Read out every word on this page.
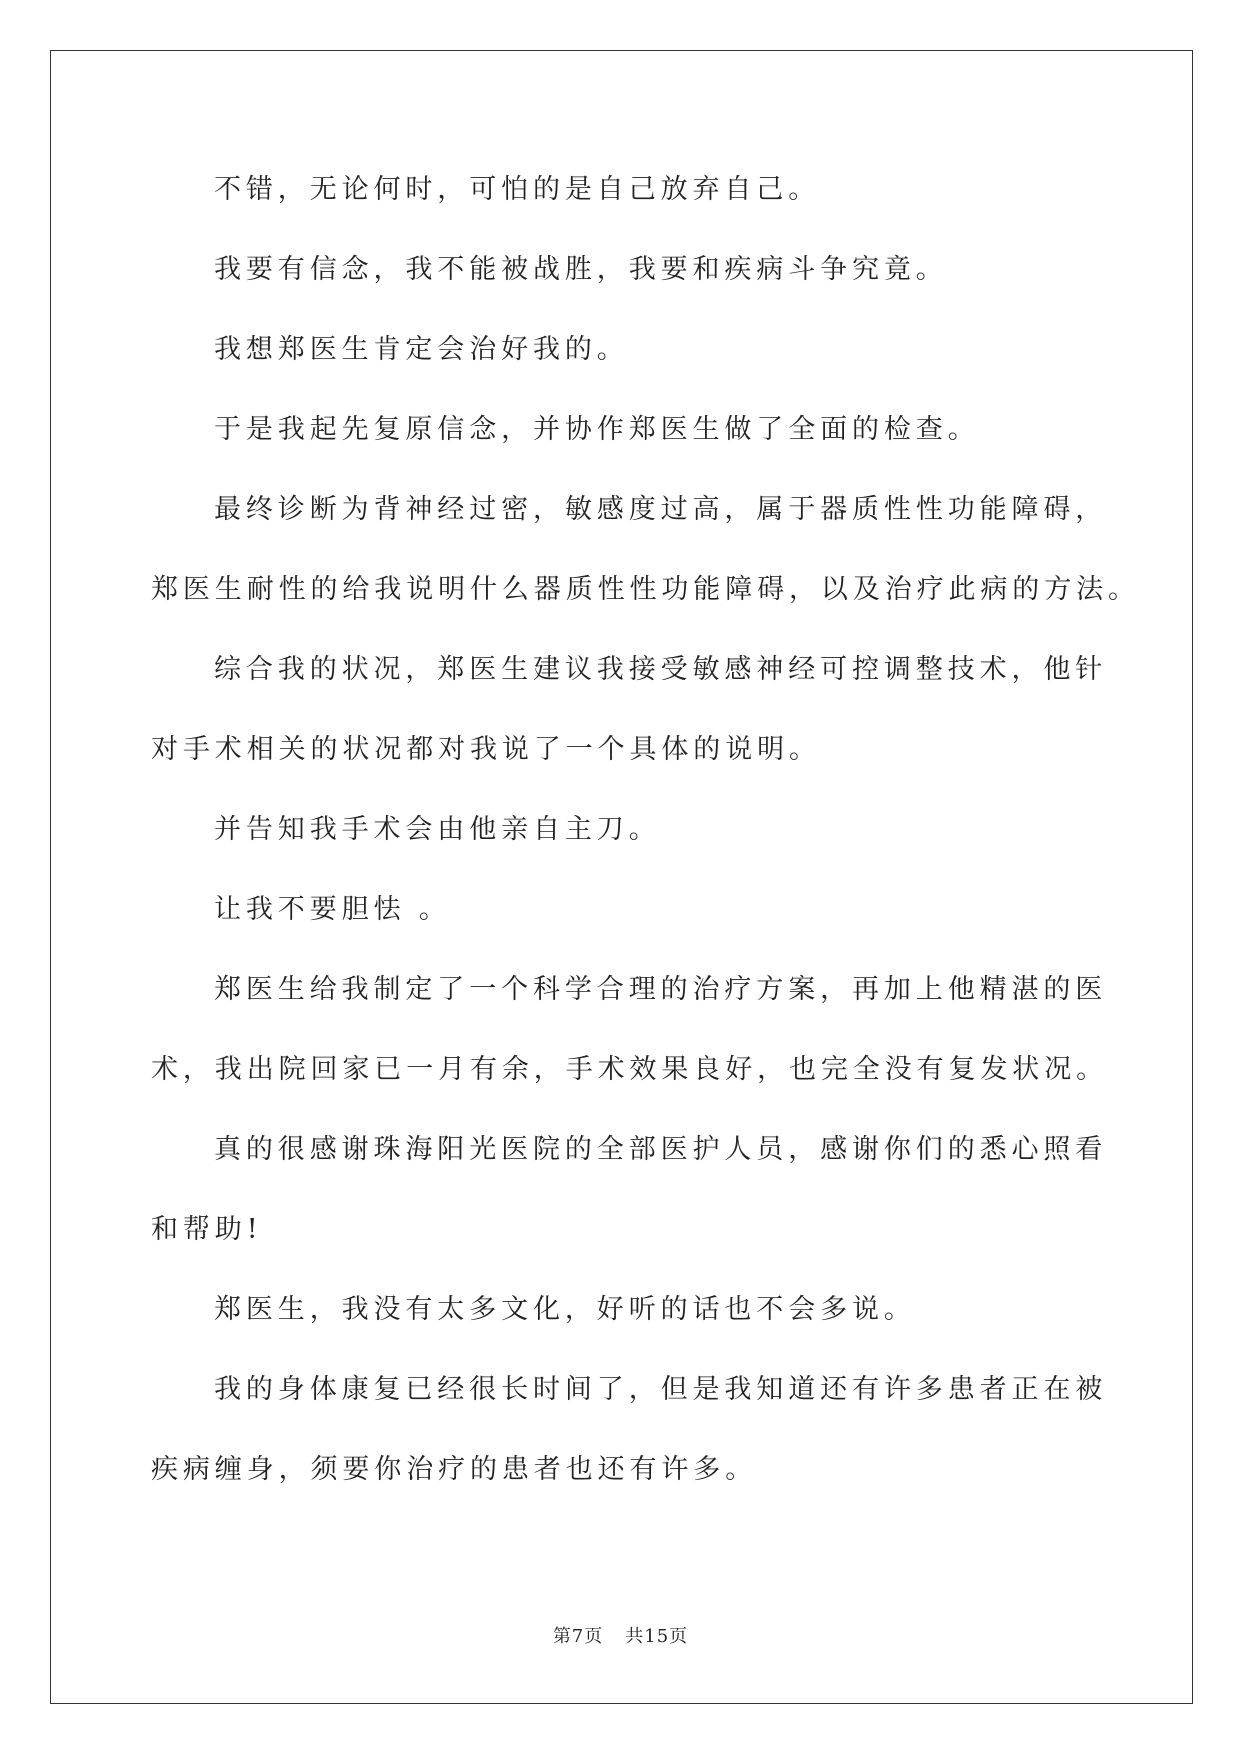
不错，无论何时，可怕的是自己放弃自己。
我要有信念，我不能被战胜，我要和疾病斗争究竟。
我想郑医生肯定会治好我的。
于是我起先复原信念，并协作郑医生做了全面的检查。
最终诊断为背神经过密，敏感度过高，属于器质性性功能障碍，
郑医生耐性的给我说明什么器质性性功能障碍，以及治疗此病的方法。
综合我的状况，郑医生建议我接受敏感神经可控调整技术，他针
对手术相关的状况都对我说了一个具体的说明。
并告知我手术会由他亲自主刀。
让我不要胆怯 。
郑医生给我制定了一个科学合理的治疗方案，再加上他精湛的医
术，我出院回家已一月有余，手术效果良好，也完全没有复发状况。
真的很感谢珠海阳光医院的全部医护人员，感谢你们的悉心照看
和帮助!
郑医生，我没有太多文化，好听的话也不会多说。
我的身体康复已经很长时间了，但是我知道还有许多患者正在被
疾病缠身，须要你治疗的患者也还有许多。
第7页 共15页
